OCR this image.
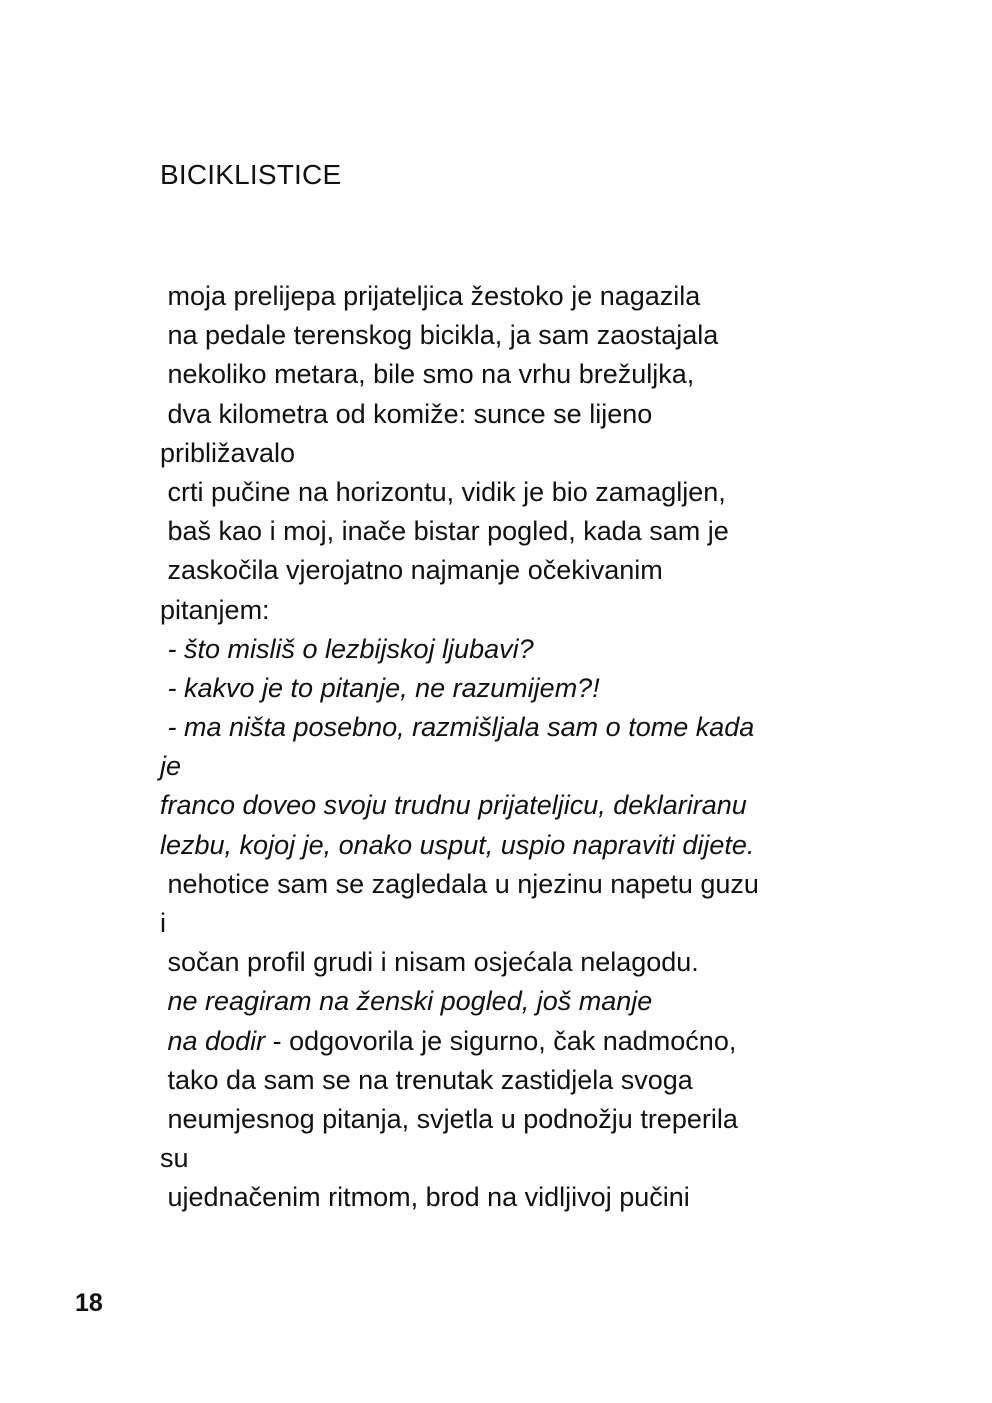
BICIKLISTICE
moja prelijepa prijateljica žestoko je nagazila
na pedale terenskog bicikla, ja sam zaostajala
nekoliko metara, bile smo na vrhu brežuljka,
dva kilometra od komiže: sunce se lijeno
približavalo
crti pučine na horizontu, vidik je bio zamagljen,
baš kao i moj, inače bistar pogled, kada sam je
zaskočila vjerojatno najmanje očekivanim
pitanjem:
- što misliš o lezbijskoj ljubavi?
- kakvo je to pitanje, ne razumijem?!
- ma ništa posebno, razmišljala sam o tome kada
je
franco doveo svoju trudnu prijateljicu, deklariranu
lezbu, kojoj je, onako usput, uspio napraviti dijete.
nehotice sam se zagledala u njezinu napetu guzu
i
sočan profil grudi i nisam osjećala nelagodu.
ne reagiram na ženski pogled, još manje
na dodir - odgovorila je sigurno, čak nadmoćno,
tako da sam se na trenutak zastidjela svoga
neumjesnog pitanja, svjetla u podnožju treperila
su
ujednačenim ritmom, brod na vidljivoj pučini
18
